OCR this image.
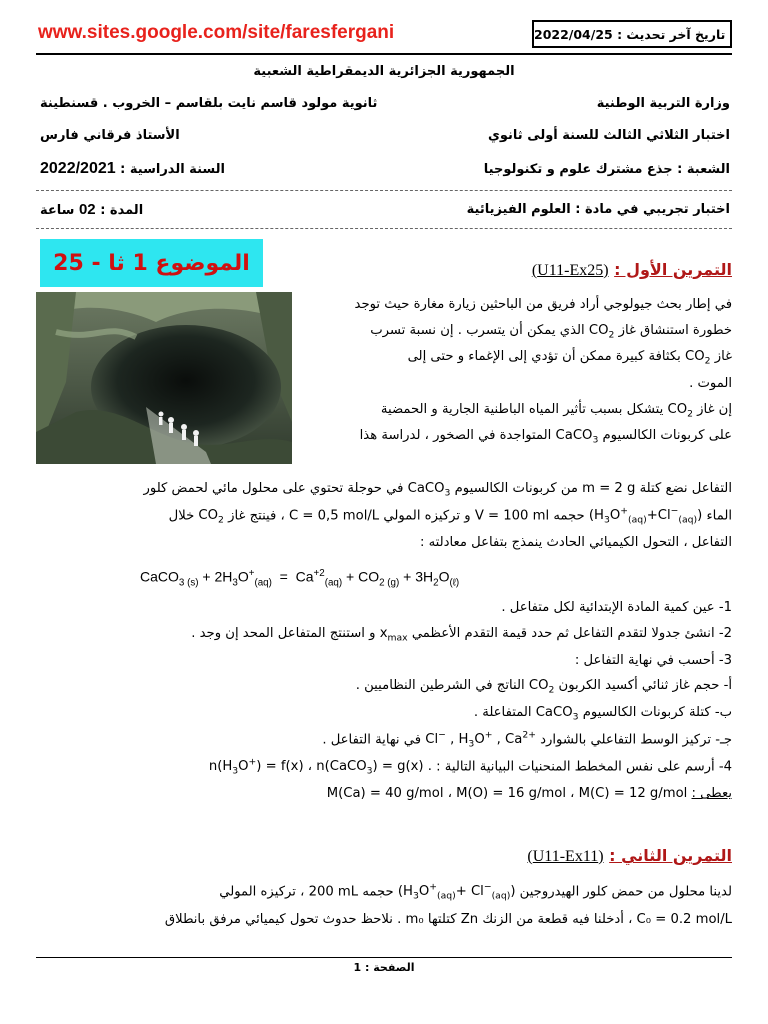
www.sites.google.com/site/faresfergani	تاريخ آخر تحديث :

2022/04/25
الجمهورية الجزائرية الديمقراطية الشعبية
وزارة التربية الوطنية
ثانوية مولود قاسم نايت بلقاسم – الخروب . قسنطينة
اختبار الثلاثي الثالث للسنة أولى ثانوي
الأستاذ فرقاني فارس
الشعبة : جذع مشترك علوم و تكنولوجيا
السنة الدراسية : 2022/2021
اختبار تجريبي في مادة : العلوم الفيزيائية
المدة : 02 ساعة
الموضوع 1 ثا - 25	التمرين الأول : (U11-Ex25)
في إطار بحث جيولوجي أراد فريق من الباحثين زيارة مغارة حيث توجد
خطورة استنشاق غاز $CO_2$ الذي يمكن أن يتسرب . إن نسبة تسرب
غاز $CO_2$ بكثافة كبيرة ممكن أن تؤدي إلى الإغماء و حتى إلى
الموت .
إن غاز $CO_2$ يتشكل بسبب تأثير المياه الباطنية الجارية و الحمضية
على كربونات الكالسيوم CaCO$_3$ المتواجدة في الصخور ، لدراسة هذا
التفاعل نضع كتلة m = 2 g من كربونات الكالسيوم CaCO$_3$ في حوجلة تحتوي على محلول مائي لحمض كلور
الماء $(H_3O^+_{(aq)}+Cl^-_{(aq)})$ حجمه V = 100 ml و تركيزه المولي C = 0,5 mol/L ، فينتج غاز $CO_2$ خلال
التفاعل ، التحول الكيميائي الحادث ينمذج بتفاعل معادلته :
CaCO$_{3 (s)}$ + $2H_3O^+_{(aq)} = Ca^{+2}_{(aq)} + CO_{2 (g)} + 3H_2O_{(\ell)}$
1- عين كمية المادة الإبتدائية لكل متفاعل .
2- انشئ جدولا لتقدم التفاعل ثم حدد قيمة التقدم الأعظمي $x_{max}$ و استنتج المتفاعل المحد إن وجد .
3- أحسب في نهاية التفاعل :
أ- حجم غاز ثنائي أكسيد الكربون $CO_2$ الناتج في الشرطين النظاميين .
ب- كتلة كربونات الكالسيوم CaCO$_3$ المتفاعلة .
جـ- تركيز الوسط التفاعلي بالشوارد Cl− , $H_3O^+$ , $Ca^{2+}$ في نهاية التفاعل .
4- أرسم على نفس المخطط المنحنيات البيانية التالية : $n(H_3O^+) = f(x)$ ، n(CaCO$_3$) = g(x) .
يعطى : M(Ca) = 40 g/mol ، M(O) = 16 g/mol ، M(C) = 12 g/mol
التمرين الثاني : (U11-Ex11)
لدينا محلول من حمض كلور الهيدروجين $(H_3O^+_{(aq)}+ Cl^-_{(aq)})$ حجمه 200 mL ، تركيزه المولي
C₀ = 0.2 mol/L ، أدخلنا فيه قطعة من الزنك Zn كتلتها m₀ . نلاحظ حدوث تحول كيميائي مرفق بانطلاق
الصفحة : 1
